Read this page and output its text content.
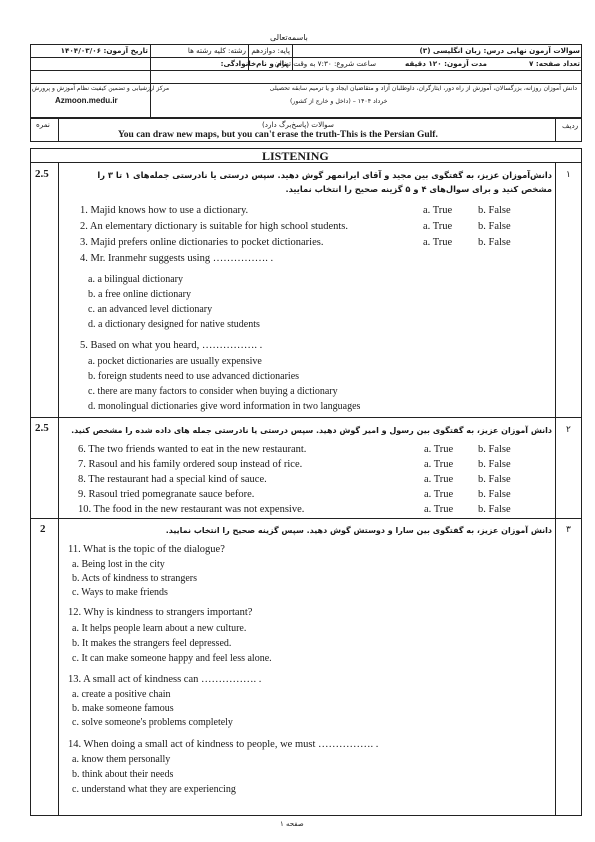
باسمه‌تعالی
سوالات آزمون نهایی درس: زبان انگلیسی (۳)
پایه: دوازدهم
رشته: کلیه رشته ها
تاریخ آزمون: ۱۴۰۴/۰۳/۰۶
تعداد صفحه: ۷
مدت آزمون: ۱۲۰ دقیقه
ساعت شروع: ۷:۳۰ به وقت تهران
نام و نام‌خانوادگی:
مرکز ارزشیابی و تضمین کیفیت نظام آموزش و پرورش
Azmoon.medu.ir
دانش آموزان روزانه، بزرگسالان، آموزش از راه دور، ایثارگران، داوطلبان آزاد و متقاضیان ایجاد و یا ترمیم سابقه تحصیلی
(داخل و خارج از کشور) – خرداد ۱۴۰۴
نمره	ردیف
سوالات (پاسخ‌برگ دارد)
You can draw new maps, but you can't erase the truth-This is the Persian Gulf.
LISTENING
2.5	۱
دانش‌آموزان عزیز، به گفتگوی بین مجید و آقای ایرانمهر گوش دهید. سپس درستی یا نادرستی جمله‌های ۱ تا ۳ را
مشخص کنید و برای سوال‌های ۴ و ۵ گزینه صحیح را انتخاب نمایید.
1. Majid knows how to use a dictionary.	a. True b. False
2. An elementary dictionary is suitable for high school students.	a. True b. False
3. Majid prefers online dictionaries to pocket dictionaries.	a. True b. False
4. Mr. Iranmehr suggests using ……………. .
a. a bilingual dictionary
b. a free online dictionary
c. an advanced level dictionary
d. a dictionary designed for native students
5. Based on what you heard, ……………. .
a. pocket dictionaries are usually expensive
b. foreign students need to use advanced dictionaries
c. there are many factors to consider when buying a dictionary
d. monolingual dictionaries give word information in two languages
2.5	۲
دانش آموزان عزیز، به گفتگوی بین رسول و امیر گوش دهید. سپس درستی یا نادرستی جمله های داده شده را مشخص کنید.
6. The two friends wanted to eat in the new restaurant.	a. True b. False
7. Rasoul and his family ordered soup instead of rice.	a. True b. False
8. The restaurant had a special kind of sauce.	a. True b. False
9. Rasoul tried pomegranate sauce before.	a. True b. False
10. The food in the new restaurant was not expensive.	a. True b. False
2	۳
دانش آموزان عزیز، به گفتگوی بین سارا و دوستش گوش دهید. سپس گزینه صحیح را انتخاب نمایید.
11. What is the topic of the dialogue?
a. Being lost in the city
b. Acts of kindness to strangers
c. Ways to make friends
12. Why is kindness to strangers important?
a. It helps people learn about a new culture.
b. It makes the strangers feel depressed.
c. It can make someone happy and feel less alone.
13. A small act of kindness can ……………. .
a. create a positive chain
b. make someone famous
c. solve someone's problems completely
14. When doing a small act of kindness to people, we must ……………. .
a. know them personally
b. think about their needs
c. understand what they are experiencing
صفحه ۱
